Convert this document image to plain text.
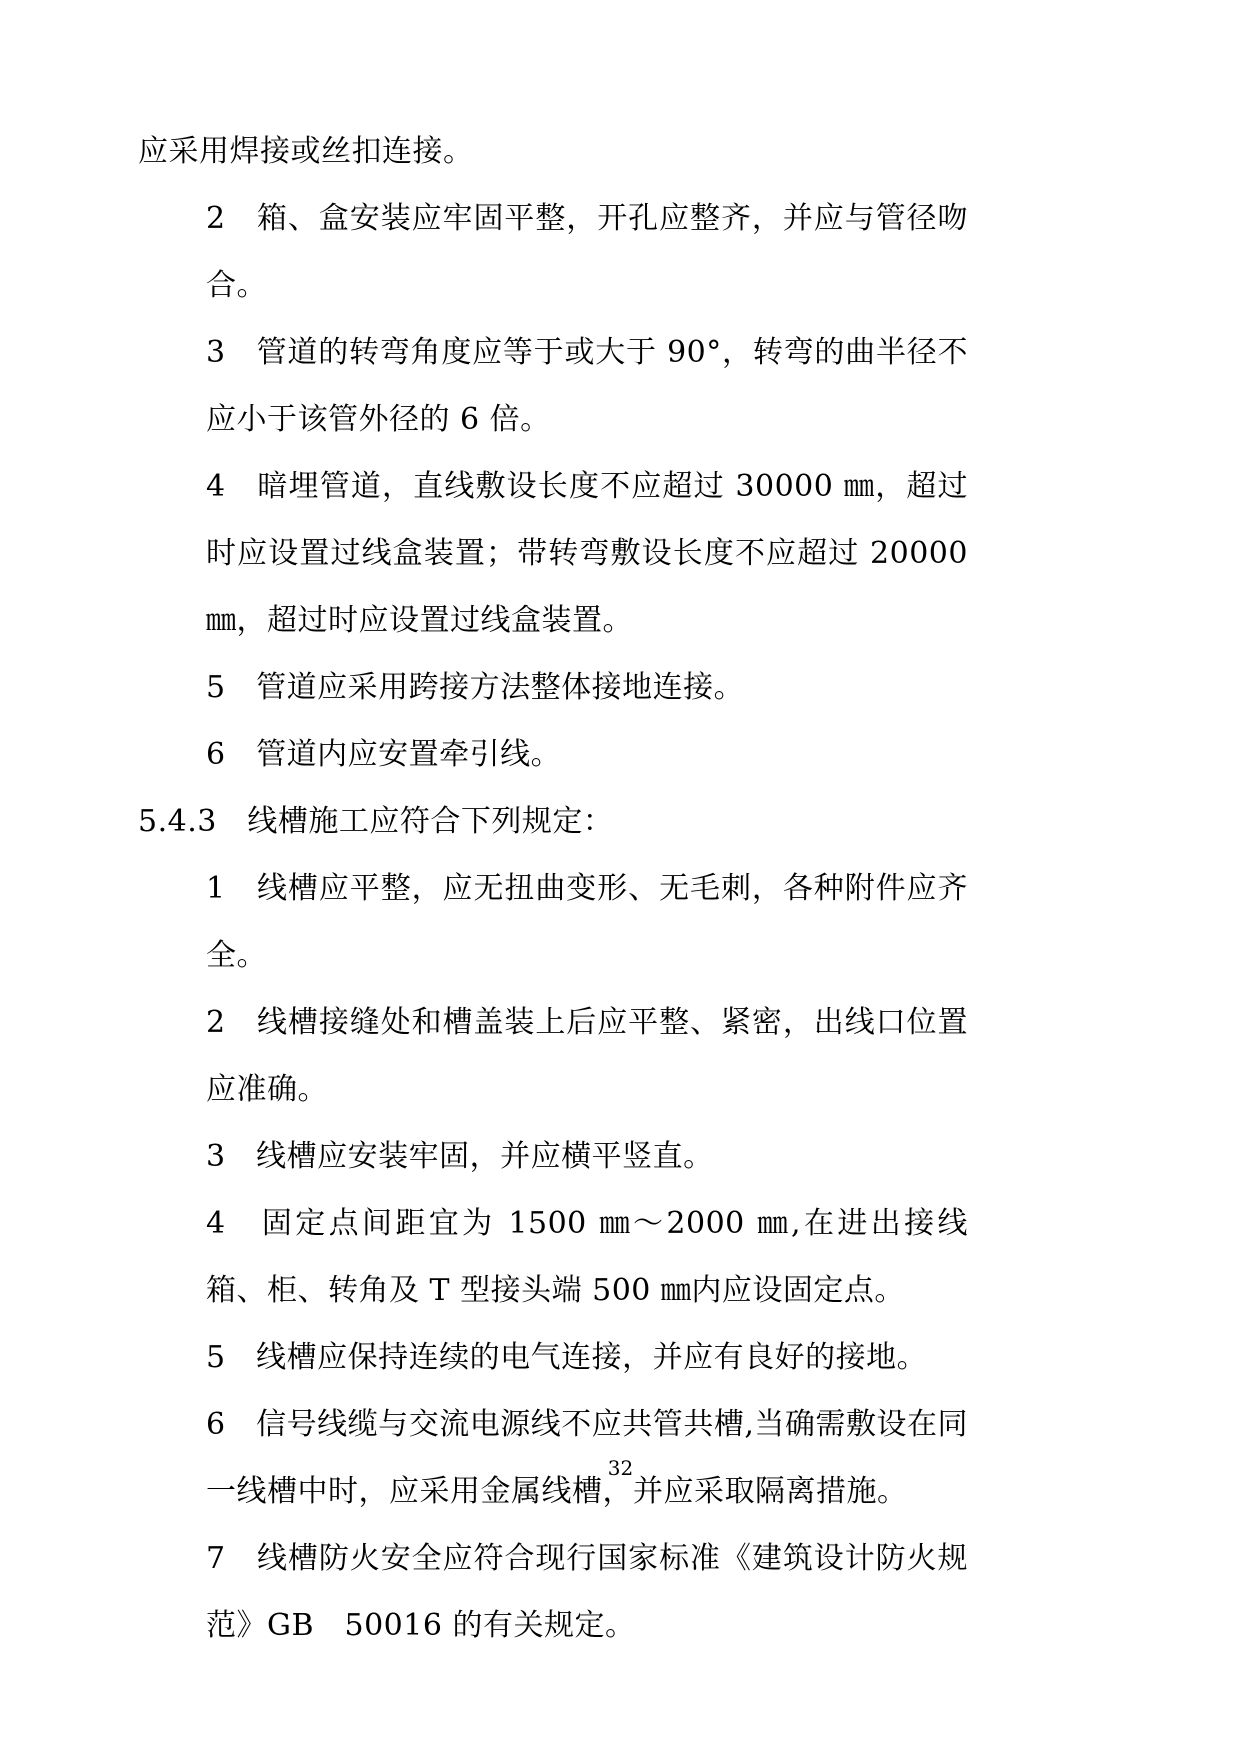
应采用焊接或丝扣连接。

2　箱、盒安装应牢固平整，开孔应整齐，并应与管径吻合。

3　管道的转弯角度应等于或大于 90°，转弯的曲半径不应小于该管外径的 6 倍。

4　暗埋管道，直线敷设长度不应超过 30000 ㎜，超过时应设置过线盒装置；带转弯敷设长度不应超过 20000 ㎜，超过时应设置过线盒装置。

5　管道应采用跨接方法整体接地连接。

6　管道内应安置牵引线。

5.4.3　线槽施工应符合下列规定：

1　线槽应平整，应无扭曲变形、无毛刺，各种附件应齐全。

2　线槽接缝处和槽盖装上后应平整、紧密，出线口位置应准确。

3　线槽应安装牢固，并应横平竖直。

4　固定点间距宜为 1500 ㎜～2000 ㎜,在进出接线箱、柜、转角及 T 型接头端 500 ㎜内应设固定点。

5　线槽应保持连续的电气连接，并应有良好的接地。

6　信号线缆与交流电源线不应共管共槽,当确需敷设在同一线槽中时，应采用金属线槽，并应采取隔离措施。

7　线槽防火安全应符合现行国家标准《建筑设计防火规范》GB　50016 的有关规定。

32
